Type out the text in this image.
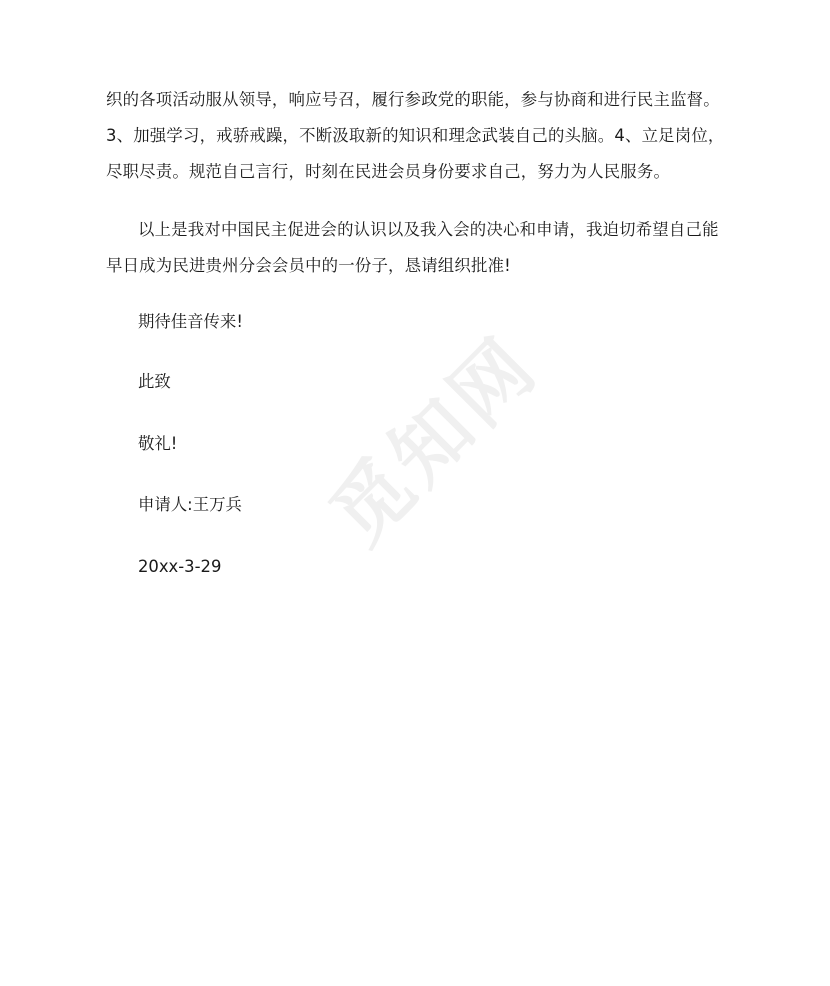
织的各项活动服从领导，响应号召，履行参政党的职能，参与协商和进行民主监督。3、加强学习，戒骄戒躁，不断汲取新的知识和理念武装自己的头脑。4、立足岗位，尽职尽责。规范自己言行，时刻在民进会员身份要求自己，努力为人民服务。

以上是我对中国民主促进会的认识以及我入会的决心和申请，我迫切希望自己能早日成为民进贵州分会会员中的一份子，恳请组织批准!

期待佳音传来!

此致

敬礼!

申请人:王万兵

20xx-3-29

觅知网
